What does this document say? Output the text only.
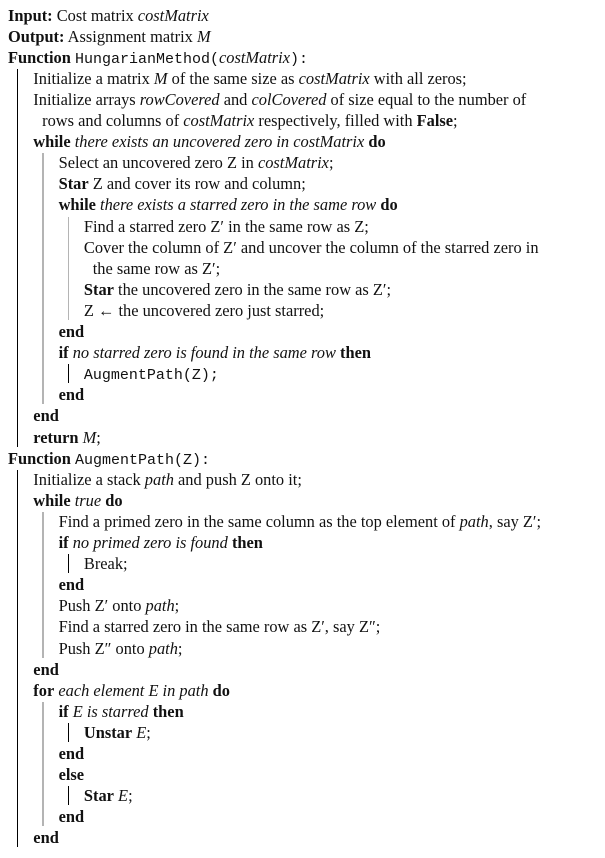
Input: Cost matrix costMatrix
Output: Assignment matrix M
Function HungarianMethod(costMatrix):
Initialize a matrix M of the same size as costMatrix with all zeros;
Initialize arrays rowCovered and colCovered of size equal to the number of
rows and columns of costMatrix respectively, filled with False;
while there exists an uncovered zero in costMatrix do
Select an uncovered zero Z in costMatrix;
Star Z and cover its row and column;
while there exists a starred zero in the same row do
Find a starred zero Z′ in the same row as Z;
Cover the column of Z′ and uncover the column of the starred zero in
the same row as Z′;
Star the uncovered zero in the same row as Z′;
Z ← the uncovered zero just starred;
end
if no starred zero is found in the same row then
AugmentPath(Z);
end
end
return M;
Function AugmentPath(Z):
Initialize a stack path and push Z onto it;
while true do
Find a primed zero in the same column as the top element of path, say Z′;
if no primed zero is found then
Break;
end
Push Z′ onto path;
Find a starred zero in the same row as Z′, say Z″;
Push Z″ onto path;
end
for each element E in path do
if E is starred then
Unstar E;
end
else
Star E;
end
end
